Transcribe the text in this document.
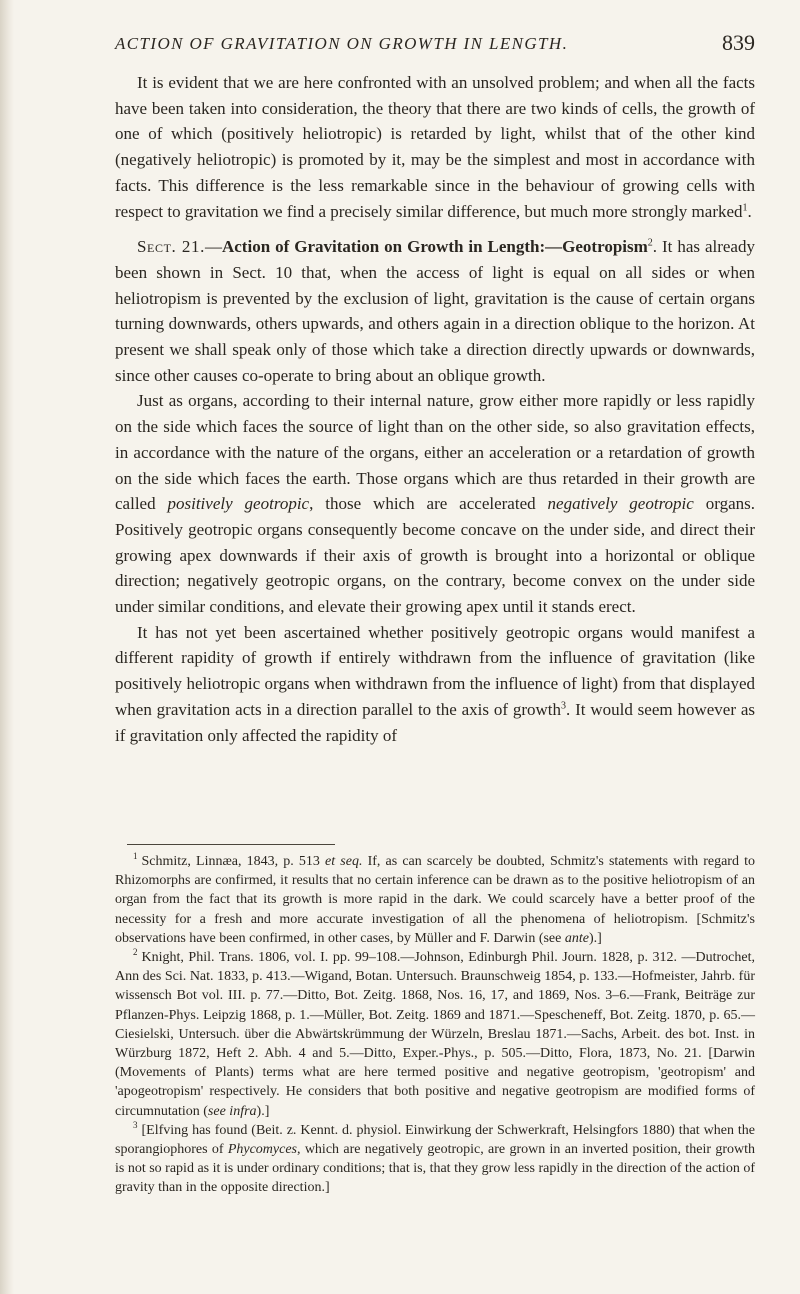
ACTION OF GRAVITATION ON GROWTH IN LENGTH.	839

It is evident that we are here confronted with an unsolved problem; and when all the facts have been taken into consideration, the theory that there are two kinds of cells, the growth of one of which (positively heliotropic) is retarded by light, whilst that of the other kind (negatively heliotropic) is promoted by it, may be the simplest and most in accordance with facts. This difference is the less remarkable since in the behaviour of growing cells with respect to gravitation we find a precisely similar difference, but much more strongly marked$^1$.

Sect. 21.—Action of Gravitation on Growth in Length:—Geotropism$^2$. It has already been shown in Sect. 10 that, when the access of light is equal on all sides or when heliotropism is prevented by the exclusion of light, gravitation is the cause of certain organs turning downwards, others upwards, and others again in a direction oblique to the horizon. At present we shall speak only of those which take a direction directly upwards or downwards, since other causes co-operate to bring about an oblique growth.

Just as organs, according to their internal nature, grow either more rapidly or less rapidly on the side which faces the source of light than on the other side, so also gravitation effects, in accordance with the nature of the organs, either an acceleration or a retardation of growth on the side which faces the earth. Those organs which are thus retarded in their growth are called positively geotropic, those which are accelerated negatively geotropic organs. Positively geotropic organs consequently become concave on the under side, and direct their growing apex downwards if their axis of growth is brought into a horizontal or oblique direction; negatively geotropic organs, on the contrary, become convex on the under side under similar conditions, and elevate their growing apex until it stands erect.

It has not yet been ascertained whether positively geotropic organs would manifest a different rapidity of growth if entirely withdrawn from the influence of gravitation (like positively heliotropic organs when withdrawn from the influence of light) from that displayed when gravitation acts in a direction parallel to the axis of growth$^3$. It would seem however as if gravitation only affected the rapidity of

$^1$ Schmitz, Linnæa, 1843, p. 513 et seq. If, as can scarcely be doubted, Schmitz's statements with regard to Rhizomorphs are confirmed, it results that no certain inference can be drawn as to the positive heliotropism of an organ from the fact that its growth is more rapid in the dark. We could scarcely have a better proof of the necessity for a fresh and more accurate investigation of all the phenomena of heliotropism. [Schmitz's observations have been confirmed, in other cases, by Müller and F. Darwin (see ante).]

$^2$ Knight, Phil. Trans. 1806, vol. I. pp. 99–108.—Johnson, Edinburgh Phil. Journ. 1828, p. 312. —Dutrochet, Ann des Sci. Nat. 1833, p. 413.—Wigand, Botan. Untersuch. Braunschweig 1854, p. 133.—Hofmeister, Jahrb. für wissensch Bot vol. III. p. 77.—Ditto, Bot. Zeitg. 1868, Nos. 16, 17, and 1869, Nos. 3–6.—Frank, Beiträge zur Pflanzen-Phys. Leipzig 1868, p. 1.—Müller, Bot. Zeitg. 1869 and 1871.—Spescheneff, Bot. Zeitg. 1870, p. 65.—Ciesielski, Untersuch. über die Abwärtskrümmung der Würzeln, Breslau 1871.—Sachs, Arbeit. des bot. Inst. in Würzburg 1872, Heft 2. Abh. 4 and 5.—Ditto, Exper.-Phys., p. 505.—Ditto, Flora, 1873, No. 21. [Darwin (Movements of Plants) terms what are here termed positive and negative geotropism, 'geotropism' and 'apogeotropism' respectively. He considers that both positive and negative geotropism are modified forms of circumnutation (see infra).]

$^3$ [Elfving has found (Beit. z. Kennt. d. physiol. Einwirkung der Schwerkraft, Helsingfors 1880) that when the sporangiophores of Phycomyces, which are negatively geotropic, are grown in an inverted position, their growth is not so rapid as it is under ordinary conditions; that is, that they grow less rapidly in the direction of the action of gravity than in the opposite direction.]
